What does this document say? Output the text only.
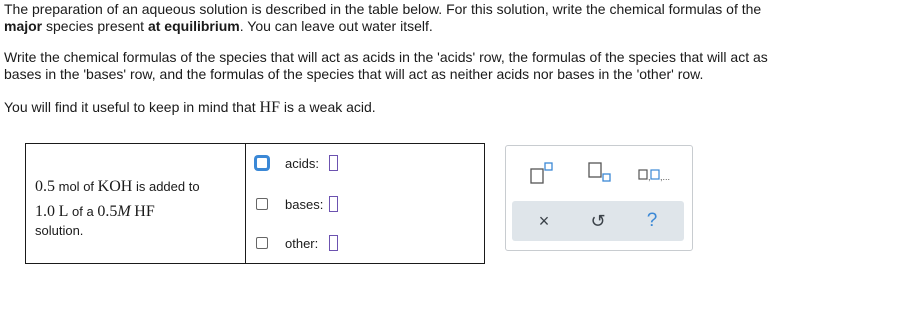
The preparation of an aqueous solution is described in the table below. For this solution, write the chemical formulas of the

major species present at equilibrium. You can leave out water itself.

Write the chemical formulas of the species that will act as acids in the 'acids' row, the formulas of the species that will act as

bases in the 'bases' row, and the formulas of the species that will act as neither acids nor bases in the 'other' row.

You will find it useful to keep in mind that HF is a weak acid.

0.5 mol of KOH is added to
1.0 L of a 0.5M HF
solution.
acids:
bases:
other:
, ,...
× ↺ ?
